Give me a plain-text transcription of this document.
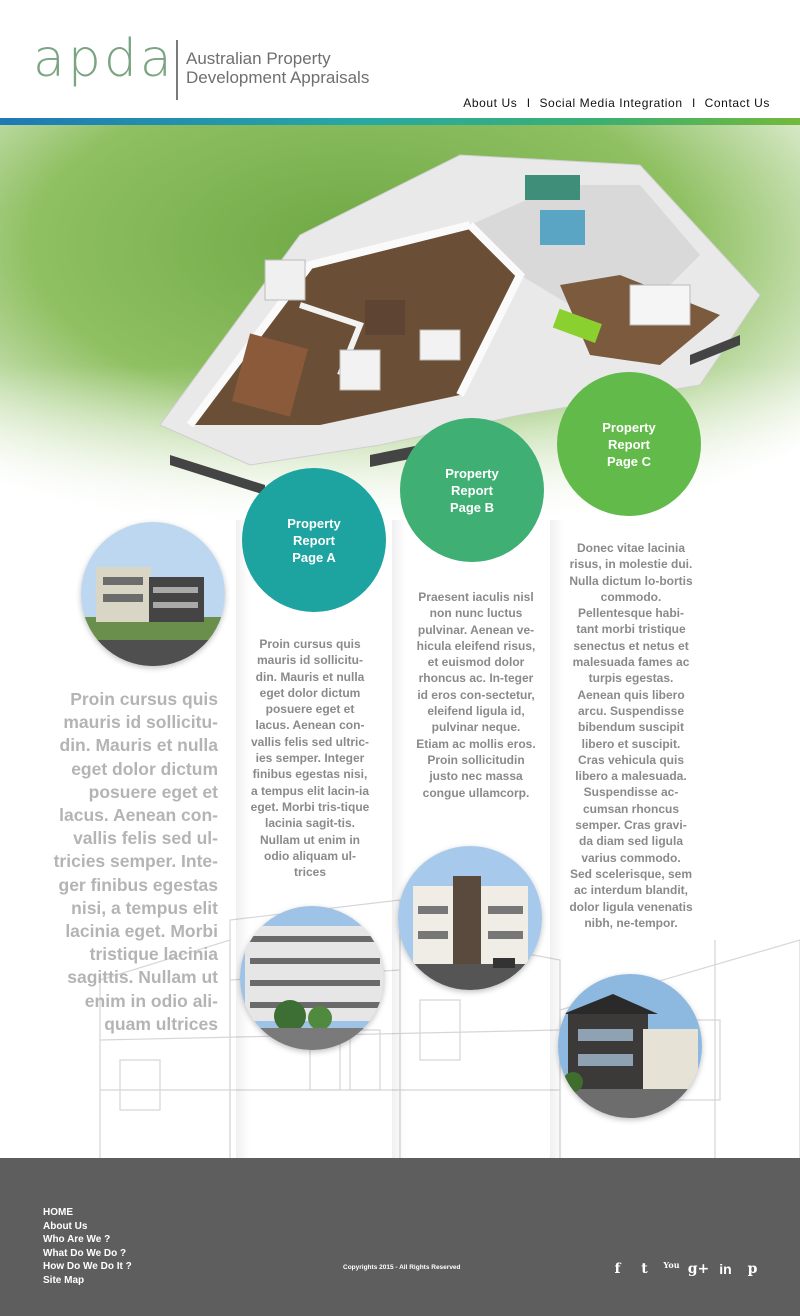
apda Australian Property
Development Appraisals
About Us I Social Media Integration I Contact Us
Proin cursus quis mauris id sollicitu-din. Mauris et nulla eget dolor dictum posuere eget et lacus. Aenean con-vallis felis sed ul-tricies semper. Inte-ger finibus egestas nisi, a tempus elit lacinia eget. Morbi tristique lacinia sagittis. Nullam ut enim in odio ali-quam ultrices
Property
Report
Page A
Proin cursus quis mauris id sollicitu-din. Mauris et nulla eget dolor dictum posuere eget et lacus. Aenean con-vallis felis sed ultric-ies semper. Integer finibus egestas nisi, a tempus elit lacin-ia eget. Morbi tris-tique lacinia sagit-tis. Nullam ut enim in odio aliquam ul-trices
Property
Report
Page B
Praesent iaculis nisl non nunc luctus pulvinar. Aenean ve-hicula eleifend risus, et euismod dolor rhoncus ac. In-teger id eros con-sectetur, eleifend ligula id, pulvinar neque. Etiam ac mollis eros. Proin sollicitudin justo nec massa congue ullamcorp.
Property
Report
Page C
Donec vitae lacinia risus, in molestie dui. Nulla dictum lo-bortis commodo. Pellentesque habi-tant morbi tristique senectus et netus et malesuada fames ac turpis egestas. Aenean quis libero arcu. Suspendisse bibendum suscipit libero et suscipit. Cras vehicula quis libero a malesuada. Suspendisse ac-cumsan rhoncus semper. Cras gravi-da diam sed ligula varius commodo. Sed scelerisque, sem ac interdum blandit, dolor ligula venenatis nibh, ne-tempor.
HOME
About Us
Who Are We ?
What Do We Do ?
How Do We Do It ?
Site Map
Copyrights 2015 - All Rights Reserved	f	t	You g+ in	p
